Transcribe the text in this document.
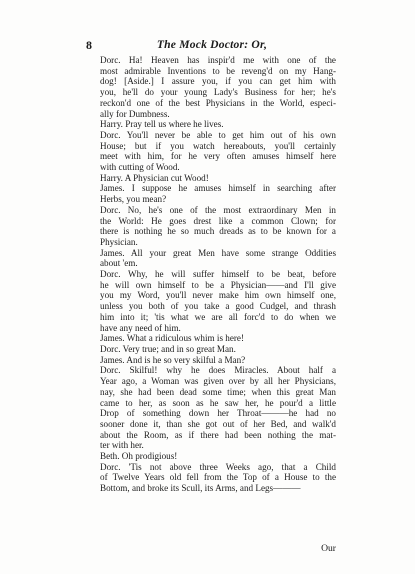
8	The Mock Doctor: Or,
Dorc. Ha! Heaven has inspir'd me with one of the
most admirable Inventions to be reveng'd on my Hang-
dog! [Aside.] I assure you, if you can get him with
you, he'll do your young Lady's Business for her; he's
reckon'd one of the best Physicians in the World, especi-
ally for Dumbness.
Harry. Pray tell us where he lives.
Dorc. You'll never be able to get him out of his own
House; but if you watch hereabouts, you'll certainly
meet with him, for he very often amuses himself here
with cutting of Wood.
Harry. A Physician cut Wood!
James. I suppose he amuses himself in searching after
Herbs, you mean?
Dorc. No, he's one of the most extraordinary Men in
the World: He goes drest like a common Clown; for
there is nothing he so much dreads as to be known for a
Physician.
James. All your great Men have some strange Oddities
about 'em.
Dorc. Why, he will suffer himself to be beat, before
he will own himself to be a Physician——and I'll give
you my Word, you'll never make him own himself one,
unless you both of you take a good Cudgel, and thrash
him into it; 'tis what we are all forc'd to do when we
have any need of him.
James. What a ridiculous whim is here!
Dorc. Very true; and in so great Man.
James. And is he so very skilful a Man?
Dorc. Skilful! why he does Miracles. About half a
Year ago, a Woman was given over by all her Physicians,
nay, she had been dead some time; when this great Man
came to her, as soon as he saw her, he pour'd a little
Drop of something down her Throat———he had no
sooner done it, than she got out of her Bed, and walk'd
about the Room, as if there had been nothing the mat-
ter with her.
Beth. Oh prodigious!
Dorc. 'Tis not above three Weeks ago, that a Child
of Twelve Years old fell from the Top of a House to the
Bottom, and broke its Scull, its Arms, and Legs———
Our
